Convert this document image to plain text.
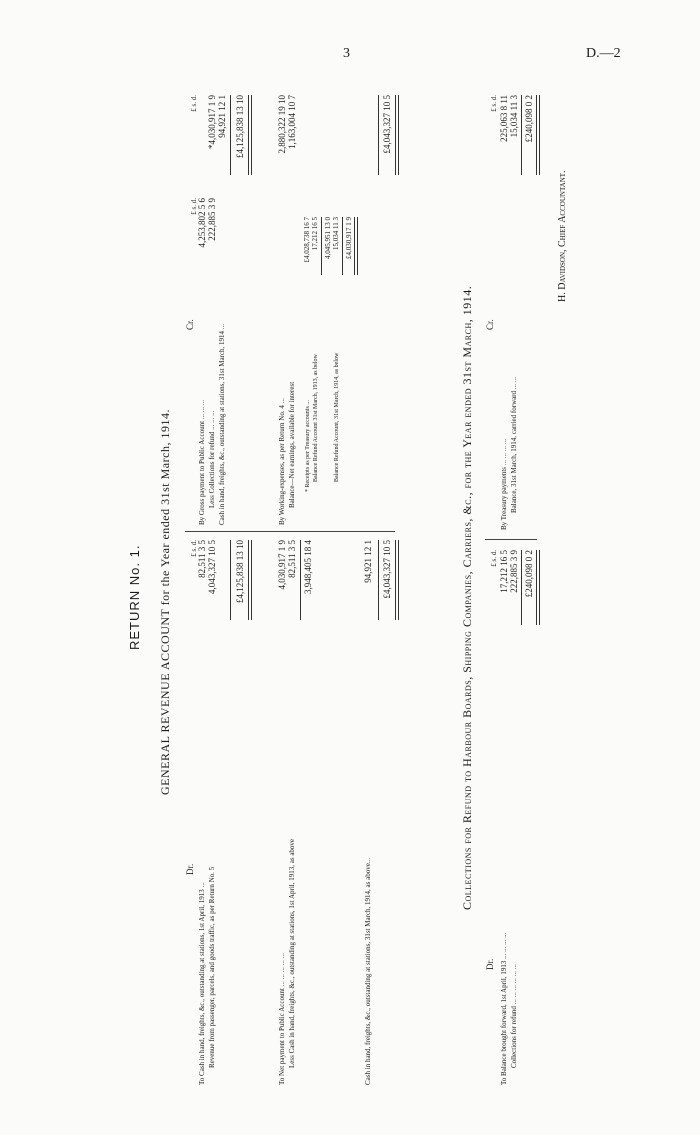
3	D.—2
RETURN No. 1. GENERAL REVENUE ACCOUNT for the Year ended 31st March, 1914.
Dr.
£ s. d.
To Cash in hand, freights, &c., outstanding at stations, 1st April, 1913 ...
82,511 3 5
Revenue from passenger, parcels, and goods traffic, as per Return No. 5
4,043,327 10 5 £4,125,838 13 10
To Net payment to Public Account ... ... ... ... ...
4,030,917 1 9
Less Cash in hand, freights, &c., outstanding at stations, 1st April, 1913, as above
82,511 3 5 3,948,405 18 4
Cash in hand, freights, &c., outstanding at stations, 31st March, 1914, as above...
94,921 12 1 £4,043,327 10 5
Cr.
£ s. d.
£ s. d.
By Gross payment to Public Account ... ... ...
4,253,802 5 6
Less Collections for refund ... ... ...
222,885 3 9
*4,030,917 1 9
Cash in hand, freights, &c., outstanding at stations, 31st March, 1914 ...
94,921 12 1 £4,125,838 13 10
By Working-expenses, as per Return No. 4 ...
2,880,322 19 10
Balance—Net earnings, available for interest
1,163,004 10 7
* Receipts as per Treasury accounts ...
£4,028,738 16 7
Balance Refund Account 31st March, 1913, as below
17,212 16 5 4,045,951 13 0
Balance Refund Account, 31st March, 1914, as below
15,034 11 3 £4,030,917 1 9
£4,043,327 10 5
Collections for Refund to Harbour Boards, Shipping Companies, Carriers, &c., for the Year ended 31st March, 1914.
Dr.
£ s. d.
To Balance brought forward, 1st April, 1913 ... ... ... ...
17,212 16 5
Collections for refund ... ... ... ... ... ...
222,885 3 9 £240,098 0 2
Cr.
£ s. d.
By Treasury payments ... ... ... ...
225,063 8 11
Balance, 31st March, 1914, carried forward ... ...
15,034 11 3 £240,098 0 2
H. Davidson, Chief Accountant.
